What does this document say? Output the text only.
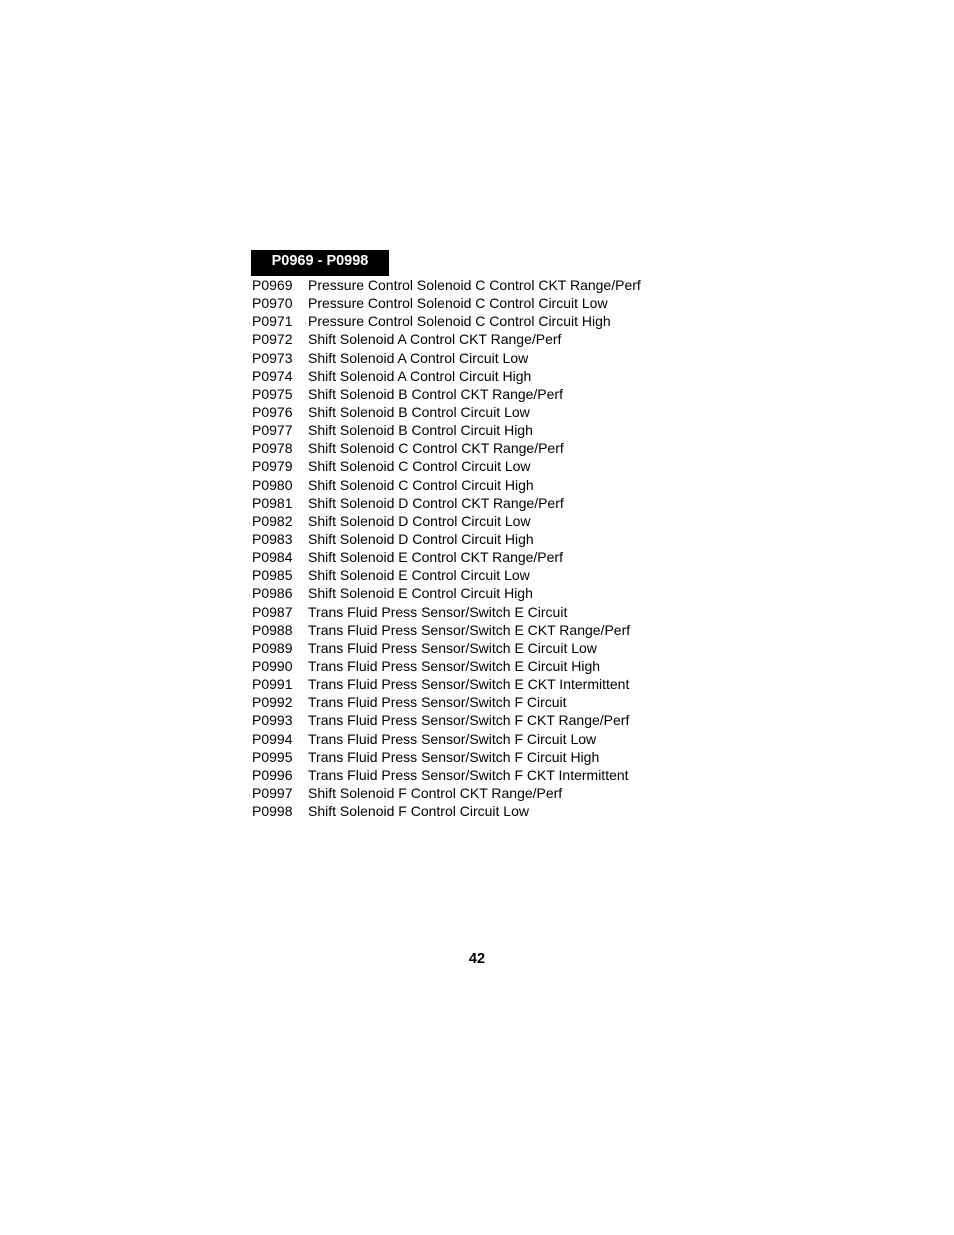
P0969 - P0998
P0969	Pressure Control Solenoid C Control CKT Range/Perf
P0970	Pressure Control Solenoid C Control Circuit Low
P0971	Pressure Control Solenoid C Control Circuit High
P0972	Shift Solenoid A Control CKT Range/Perf
P0973	Shift Solenoid A Control Circuit Low
P0974	Shift Solenoid A Control Circuit High
P0975	Shift Solenoid B Control CKT Range/Perf
P0976	Shift Solenoid B Control Circuit Low
P0977	Shift Solenoid B Control Circuit High
P0978	Shift Solenoid C Control CKT Range/Perf
P0979	Shift Solenoid C Control Circuit Low
P0980	Shift Solenoid C Control Circuit High
P0981	Shift Solenoid D Control CKT Range/Perf
P0982	Shift Solenoid D Control Circuit Low
P0983	Shift Solenoid D Control Circuit High
P0984	Shift Solenoid E Control CKT Range/Perf
P0985	Shift Solenoid E Control Circuit Low
P0986	Shift Solenoid E Control Circuit High
P0987	Trans Fluid Press Sensor/Switch E Circuit
P0988	Trans Fluid Press Sensor/Switch E CKT Range/Perf
P0989	Trans Fluid Press Sensor/Switch E Circuit Low
P0990	Trans Fluid Press Sensor/Switch E Circuit High
P0991	Trans Fluid Press Sensor/Switch E CKT Intermittent
P0992	Trans Fluid Press Sensor/Switch F Circuit
P0993	Trans Fluid Press Sensor/Switch F CKT Range/Perf
P0994	Trans Fluid Press Sensor/Switch F Circuit Low
P0995	Trans Fluid Press Sensor/Switch F Circuit High
P0996	Trans Fluid Press Sensor/Switch F CKT Intermittent
P0997	Shift Solenoid F Control CKT Range/Perf
P0998	Shift Solenoid F Control Circuit Low
42
